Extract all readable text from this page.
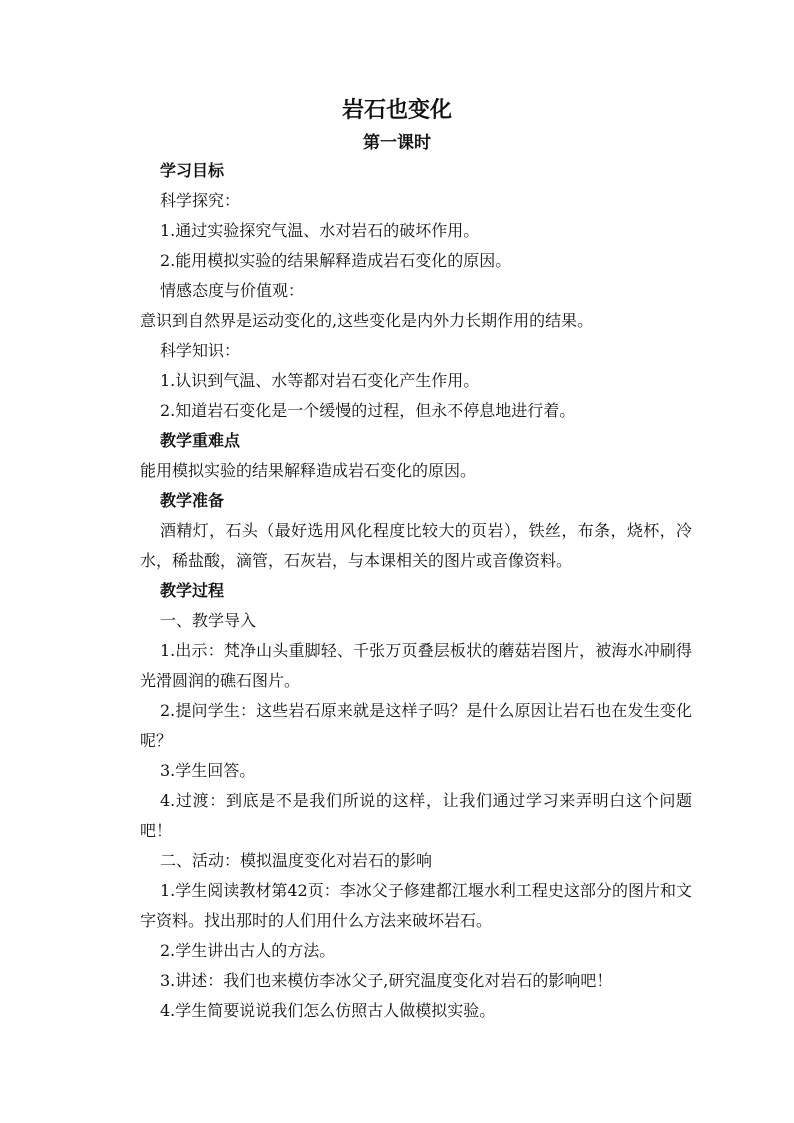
岩石也变化
第一课时

学习目标

科学探究：

1.通过实验探究气温、水对岩石的破坏作用。

2.能用模拟实验的结果解释造成岩石变化的原因。

情感态度与价值观：

意识到自然界是运动变化的,这些变化是内外力长期作用的结果。

科学知识：

1.认识到气温、水等都对岩石变化产生作用。

2.知道岩石变化是一个缓慢的过程，但永不停息地进行着。

教学重难点

能用模拟实验的结果解释造成岩石变化的原因。

教学准备

酒精灯，石头（最好选用风化程度比较大的页岩），铁丝，布条，烧杯，冷水，稀盐酸，滴管，石灰岩，与本课相关的图片或音像资料。

教学过程

一、教学导入

1.出示：梵净山头重脚轻、千张万页叠层板状的蘑菇岩图片，被海水冲刷得光滑圆润的礁石图片。

2.提问学生：这些岩石原来就是这样子吗？是什么原因让岩石也在发生变化呢？

3.学生回答。

4.过渡：到底是不是我们所说的这样，让我们通过学习来弄明白这个问题吧！

二、活动：模拟温度变化对岩石的影响

1.学生阅读教材第42页：李冰父子修建都江堰水利工程史这部分的图片和文字资料。找出那时的人们用什么方法来破坏岩石。

2.学生讲出古人的方法。

3.讲述：我们也来模仿李冰父子,研究温度变化对岩石的影响吧！

4.学生简要说说我们怎么仿照古人做模拟实验。
